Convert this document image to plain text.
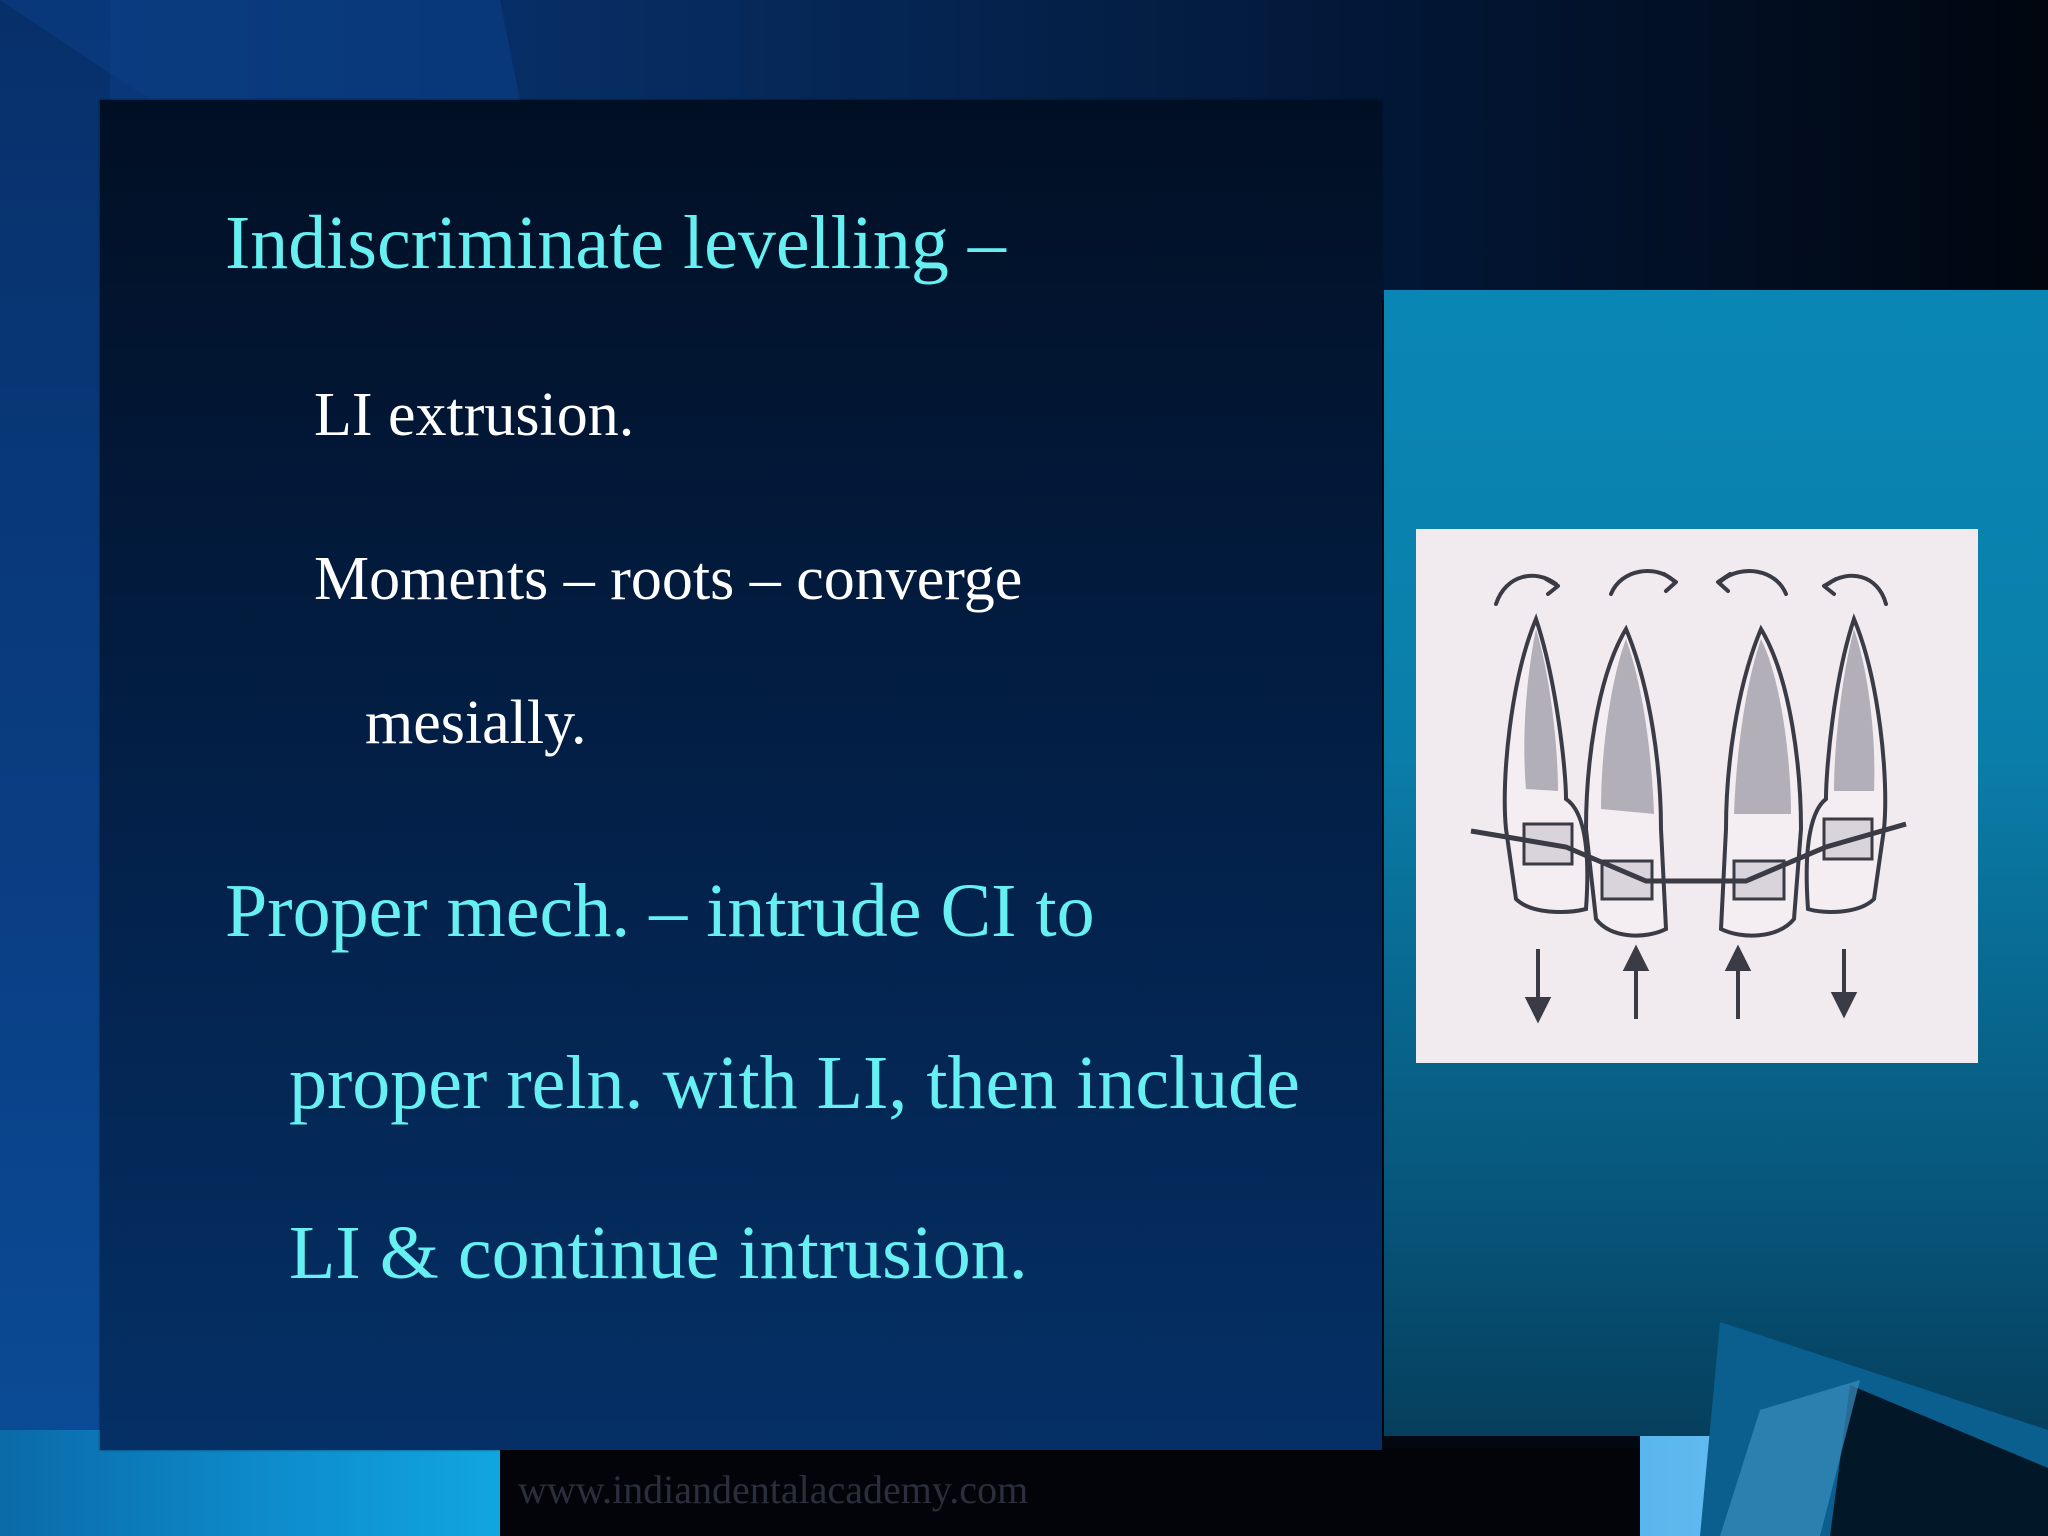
Indiscriminate levelling –
LI extrusion.
Moments – roots – converge
mesially.
Proper mech. – intrude CI to
proper reln. with LI, then include
LI & continue intrusion.
www.indiandentalacademy.com
